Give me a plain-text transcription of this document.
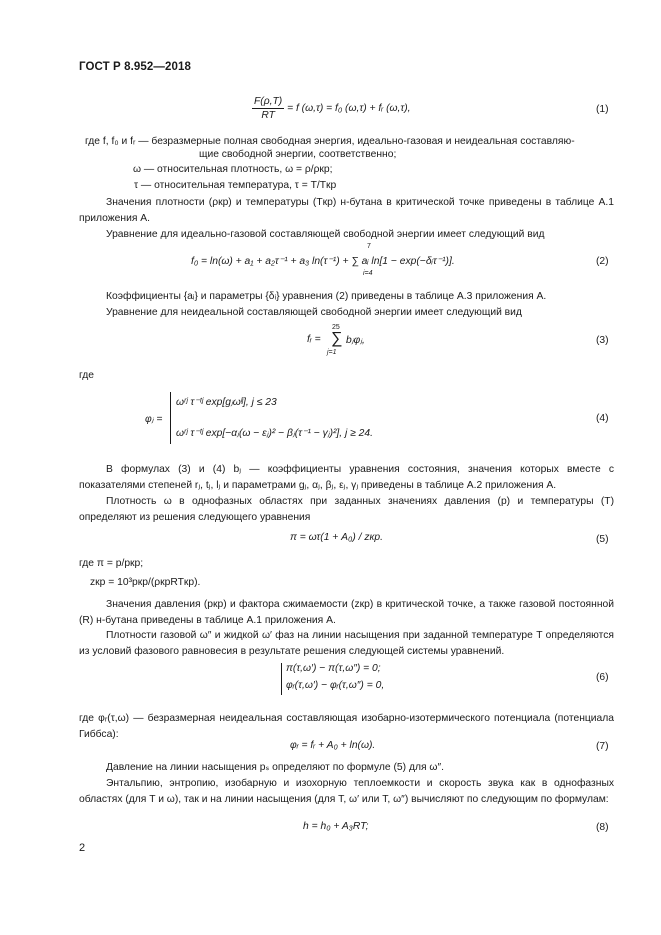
ГОСТ Р 8.952—2018
$\frac{F(\rho,T)}{RT} = f$ (ω,τ) = f₀ (ω,τ) + fᵣ (ω,τ),	(1)
где f, f₀ и fᵣ — безразмерные полная свободная энергия, идеально-газовая и неидеальная составляю-
щие свободной энергии, соответственно;
ω — относительная плотность, ω = ρ/ρкр;
τ — относительная температура, τ = T/Tкр
Значения плотности (ρкр) и температуры (Tкр) н-бутана в критической точке приведены в таблице А.1 приложения А.
Уравнение для идеально-газовой составляющей свободной энергии имеет следующий вид
f₀ = ln(ω) + a₁ + a₂τ⁻¹ + a₃ ln(τ⁻¹) + ∑ aᵢ ln[1 − exp(−δᵢτ⁻¹)].
7
i=4
(2)
Коэффициенты {aᵢ} и параметры {δᵢ} уравнения (2) приведены в таблице А.3 приложения А.
Уравнение для неидеальной составляющей свободной энергии имеет следующий вид
fᵣ =
25
∑
j=1
bⱼφⱼ,	(3)
где
φⱼ =
ωʳʲ τ⁻ᵗʲ exp[gⱼωˡʲ], j ≤ 23
ωʳʲ τ⁻ᵗʲ exp[−αⱼ(ω − εⱼ)² − βⱼ(τ⁻¹ − γⱼ)²], j ≥ 24.
(4)
В формулах (3) и (4) bⱼ — коэффициенты уравнения состояния, значения которых вместе с показателями степеней rⱼ, tⱼ, lⱼ и параметрами gⱼ, αⱼ, βⱼ, εⱼ, γⱼ приведены в таблице А.2 приложения А.
Плотность ω в однофазных областях при заданных значениях давления (p) и температуры (T) определяют из решения следующего уравнения
π = ωτ(1 + A₀) / zкр.	(5)
где π = p/pкр;
zкр = 10³pкр/(ρкрRTкр).
Значения давления (pкр) и фактора сжимаемости (zкр) в критической точке, а также газовой постоянной (R) н-бутана приведены в таблице А.1 приложения А.
Плотности газовой ω″ и жидкой ω′ фаз на линии насыщения при заданной температуре T определяются из условий фазового равновесия в результате решения следующей системы уравнений.
π(τ,ω′) − π(τ,ω″) = 0;
φᵣ(τ,ω′) − φᵣ(τ,ω″) = 0,
(6)
где φᵣ(τ,ω) — безразмерная неидеальная составляющая изобарно-изотермического потенциала (потенциала Гиббса):
φᵣ = fᵣ + A₀ + ln(ω).	(7)
Давление на линии насыщения pₛ определяют по формуле (5) для ω″.
Энтальпию, энтропию, изобарную и изохорную теплоемкости и скорость звука как в однофазных областях (для T и ω), так и на линии насыщения (для T, ω′ или T, ω″) вычисляют по следующим по формулам:
h = h₀ + A₃RT;	(8)
2
